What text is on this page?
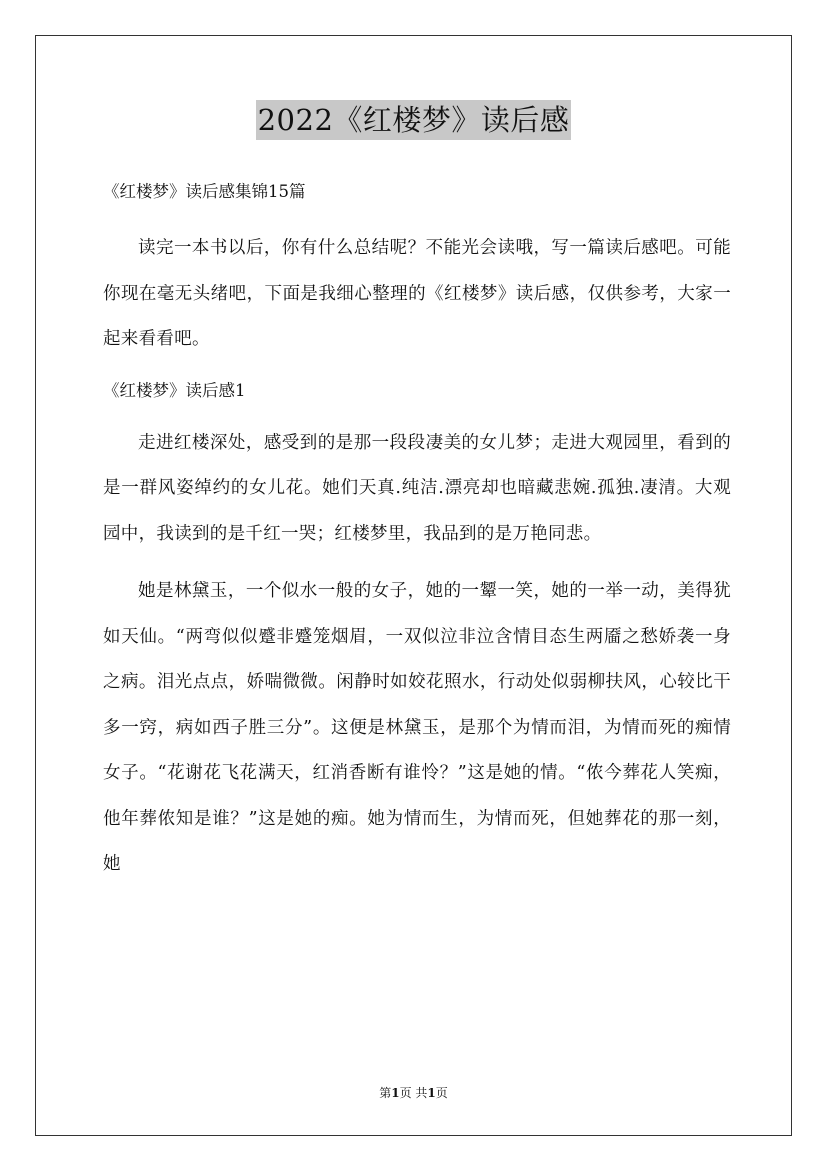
2022《红楼梦》读后感

《红楼梦》读后感集锦15篇

读完一本书以后，你有什么总结呢？不能光会读哦，写一篇读后感吧。可能你现在毫无头绪吧，下面是我细心整理的《红楼梦》读后感，仅供参考，大家一起来看看吧。

《红楼梦》读后感1

走进红楼深处，感受到的是那一段段凄美的女儿梦；走进大观园里，看到的是一群风姿绰约的女儿花。她们天真.纯洁.漂亮却也暗藏悲婉.孤独.凄清。大观园中，我读到的是千红一哭；红楼梦里，我品到的是万艳同悲。

她是林黛玉，一个似水一般的女子，她的一颦一笑，她的一举一动，美得犹如天仙。“两弯似似蹙非蹙笼烟眉，一双似泣非泣含情目态生两靥之愁娇袭一身之病。泪光点点，娇喘微微。闲静时如姣花照水，行动处似弱柳扶风，心较比干多一窍，病如西子胜三分”。这便是林黛玉，是那个为情而泪，为情而死的痴情女子。“花谢花飞花满天，红消香断有谁怜？”这是她的情。“侬今葬花人笑痴，他年葬侬知是谁？”这是她的痴。她为情而生，为情而死，但她葬花的那一刻，她

第1页 共1页
